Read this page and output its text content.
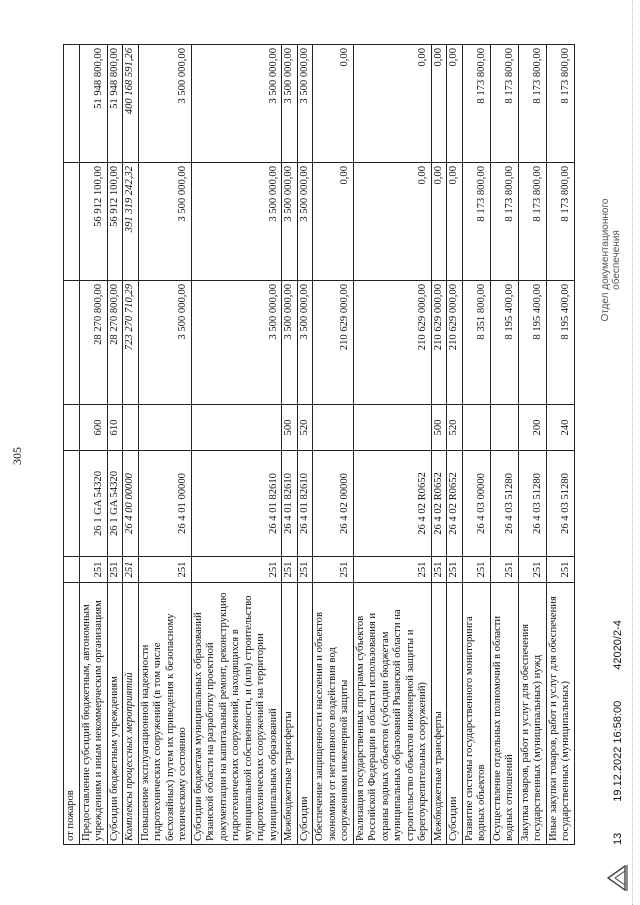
305
от пожаров						
Предоставление субсидий бюджетным, автономным учреждениям и иным некоммерческим организациям	251	26 1 GA 54320	600	28 270 800,00	56 912 100,00	51 948 800,00
Субсидии бюджетным учреждениям	251	26 1 GA 54320	610	28 270 800,00	56 912 100,00	51 948 800,00
Комплексы процессных мероприятий	251	26 4 00 00000		723 270 710,29	391 319 242,32	400 168 591,26
Повышение эксплуатационной надежности гидротехнических сооружений (в том числе бесхозяйных) путем их приведения к безопасному техническому состоянию	251	26 4 01 00000		3 500 000,00	3 500 000,00	3 500 000,00
Субсидии бюджетам муниципальных образований Рязанской области на разработку проектной документации на капитальный ремонт, реконструкцию гидротехнических сооружений, находящихся в муниципальной собственности, и (или) строительство гидротехнических сооружений на территории муниципальных образований	251	26 4 01 82610		3 500 000,00	3 500 000,00	3 500 000,00
Межбюджетные трансферты	251	26 4 01 82610	500	3 500 000,00	3 500 000,00	3 500 000,00
Субсидии	251	26 4 01 82610	520	3 500 000,00	3 500 000,00	3 500 000,00
Обеспечение защищенности населения и объектов экономики от негативного воздействия вод сооружениями инженерной защиты	251	26 4 02 00000		210 629 000,00	0,00	0,00
Реализация государственных программ субъектов Российской Федерации в области использования и охраны водных объектов (субсидии бюджетам муниципальных образований Рязанской области на строительство объектов инженерной защиты и берегоукрепительных сооружений)	251	26 4 02 R0652		210 629 000,00	0,00	0,00
Межбюджетные трансферты	251	26 4 02 R0652	500	210 629 000,00	0,00	0,00
Субсидии	251	26 4 02 R0652	520	210 629 000,00	0,00	0,00
Развитие системы государственного мониторинга водных объектов	251	26 4 03 00000		8 351 800,00	8 173 800,00	8 173 800,00
Осуществление отдельных полномочий в области водных отношений	251	26 4 03 51280		8 195 400,00	8 173 800,00	8 173 800,00
Закупка товаров, работ и услуг для обеспечения государственных (муниципальных) нужд	251	26 4 03 51280	200	8 195 400,00	8 173 800,00	8 173 800,00
Иные закупки товаров, работ и услуг для обеспечения государственных (муниципальных)	251	26 4 03 51280	240	8 195 400,00	8 173 800,00	8 173 800,00
13 19.12.2022 16:58:00 42020/2-4
Отдел документационного обеспечения
